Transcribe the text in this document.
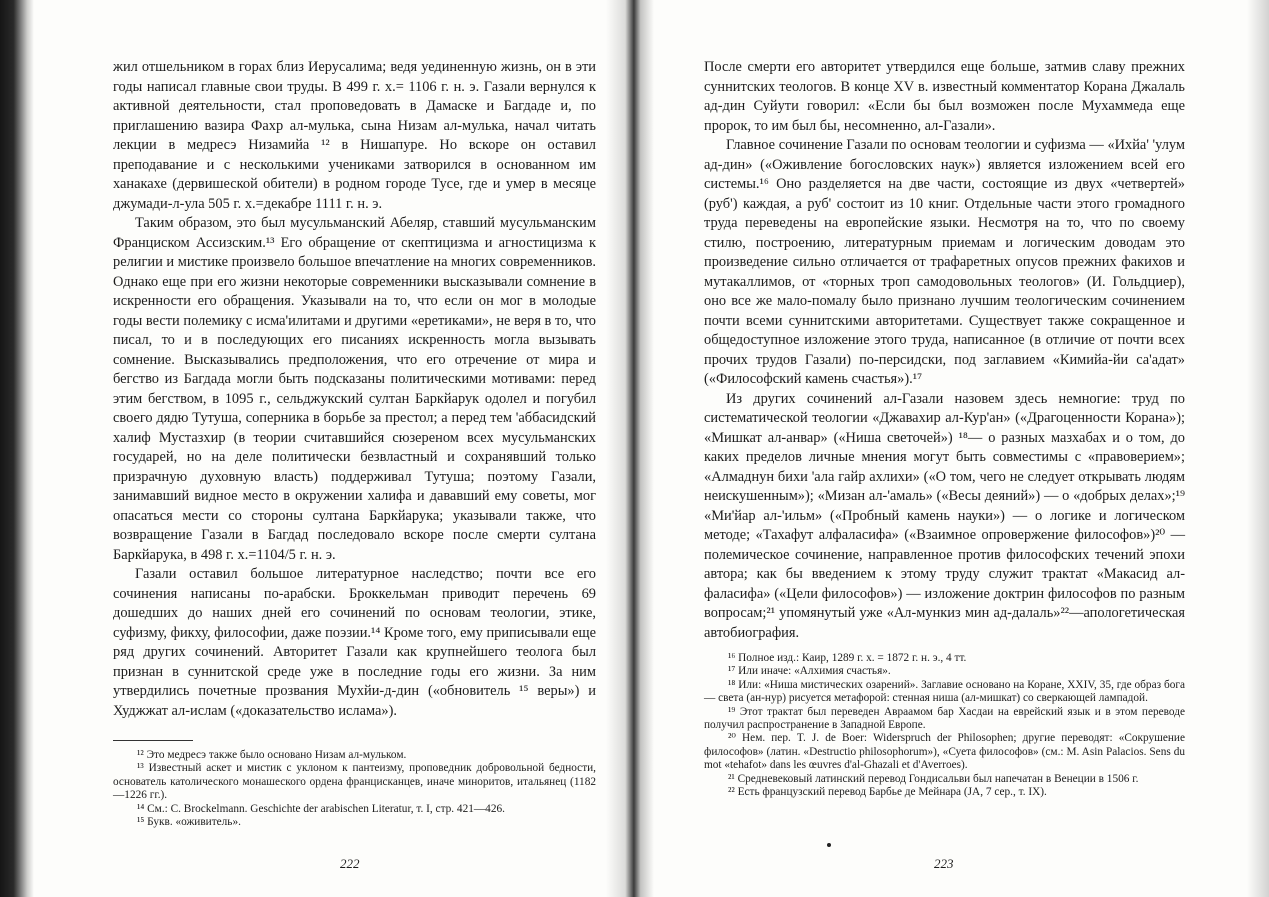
жил отшельником в горах близ Иерусалима; ведя уединенную жизнь, он в эти годы написал главные свои труды. В 499 г. х.= 1106 г. н. э. Газали вернулся к активной деятельности, стал проповедовать в Дамаске и Багдаде и, по приглашению вазира Фахр ал-мулька, сына Низам ал-мулька, начал читать лекции в медресэ Низамийа ¹² в Нишапуре. Но вскоре он оставил преподавание и с несколькими учениками затворился в основанном им ханакахе (дервишеской обители) в родном городе Тусе, где и умер в месяце джумади-л-ула 505 г. х.=декабре 1111 г. н. э.

Таким образом, это был мусульманский Абеляр, ставший мусульманским Франциском Ассизским.¹³ Его обращение от скептицизма и агностицизма к религии и мистике произвело большое впечатление на многих современников. Однако еще при его жизни некоторые современники высказывали сомнение в искренности его обращения. Указывали на то, что если он мог в молодые годы вести полемику с исма'илитами и другими «еретиками», не веря в то, что писал, то и в последующих его писаниях искренность могла вызывать сомнение. Высказывались предположения, что его отречение от мира и бегство из Багдада могли быть подсказаны политическими мотивами: перед этим бегством, в 1095 г., сельджукский султан Баркйарук одолел и погубил своего дядю Тутуша, соперника в борьбе за престол; а перед тем 'аббасидский халиф Мустазхир (в теории считавшийся сюзереном всех мусульманских государей, но на деле политически безвластный и сохранявший только призрачную духовную власть) поддерживал Тутуша; поэтому Газали, занимавший видное место в окружении халифа и дававший ему советы, мог опасаться мести со стороны султана Баркйарука; указывали также, что возвращение Газали в Багдад последовало вскоре после смерти султана Баркйарука, в 498 г. х.=1104/5 г. н. э.

Газали оставил большое литературное наследство; почти все его сочинения написаны по-арабски. Броккельман приводит перечень 69 дошедших до наших дней его сочинений по основам теологии, этике, суфизму, фикху, философии, даже поэзии.¹⁴ Кроме того, ему приписывали еще ряд других сочинений. Авторитет Газали как крупнейшего теолога был признан в суннитской среде уже в последние годы его жизни. За ним утвердились почетные прозвания Мухйи-д-дин («обновитель ¹⁵ веры») и Худжжат ал-ислам («доказательство ислама»).

¹² Это медресэ также было основано Низам ал-мульком.

¹³ Известный аскет и мистик с уклоном к пантеизму, проповедник добровольной бедности, основатель католического монашеского ордена францисканцев, иначе миноритов, итальянец (1182—1226 гг.).

¹⁴ См.: C. Brockelmann. Geschichte der arabischen Literatur, т. I, стр. 421—426.

¹⁵ Букв. «оживитель».

222

После смерти его авторитет утвердился еще больше, затмив славу прежних суннитских теологов. В конце XV в. известный комментатор Корана Джалаль ад-дин Суйути говорил: «Если бы был возможен после Мухаммеда еще пророк, то им был бы, несомненно, ал-Газали».

Главное сочинение Газали по основам теологии и суфизма — «Ихйа' 'улум ад-дин» («Оживление богословских наук») является изложением всей его системы.¹⁶ Оно разделяется на две части, состоящие из двух «четвертей» (руб') каждая, а руб' состоит из 10 книг. Отдельные части этого громадного труда переведены на европейские языки. Несмотря на то, что по своему стилю, построению, литературным приемам и логическим доводам это произведение сильно отличается от трафаретных опусов прежних факихов и мутакаллимов, от «торных троп самодовольных теологов» (И. Гольдциер), оно все же мало-помалу было признано лучшим теологическим сочинением почти всеми суннитскими авторитетами. Существует также сокращенное и общедоступное изложение этого труда, написанное (в отличие от почти всех прочих трудов Газали) по-персидски, под заглавием «Кимийа-йи са'адат» («Философский камень счастья»).¹⁷

Из других сочинений ал-Газали назовем здесь немногие: труд по систематической теологии «Джавахир ал-Кур'ан» («Драгоценности Корана»); «Мишкат ал-анвар» («Ниша светочей») ¹⁸— о разных мазхабах и о том, до каких пределов личные мнения могут быть совместимы с «правоверием»; «Алмаднун бихи 'ала гайр ахлихи» («О том, чего не следует открывать людям неискушенным»); «Мизан ал-'амаль» («Весы деяний») — о «добрых делах»;¹⁹ «Ми'йар ал-'ильм» («Пробный камень науки») — о логике и логическом методе; «Тахафут алфаласифа» («Взаимное опровержение философов»)²⁰ — полемическое сочинение, направленное против философских течений эпохи автора; как бы введением к этому труду служит трактат «Макасид ал-фаласифа» («Цели философов») — изложение доктрин философов по разным вопросам;²¹ упомянутый уже «Ал-мункиз мин ад-далаль»²²—апологетическая автобиография.

¹⁶ Полное изд.: Каир, 1289 г. х. = 1872 г. н. э., 4 тт.

¹⁷ Или иначе: «Алхимия счастья».

¹⁸ Или: «Ниша мистических озарений». Заглавие основано на Коране, XXIV, 35, где образ бога — света (ан-нур) рисуется метафорой: стенная ниша (ал-мишкат) со сверкающей лампадой.

¹⁹ Этот трактат был переведен Авраамом бар Хасдаи на еврейский язык и в этом переводе получил распространение в Западной Европе.

²⁰ Нем. пер. T. J. de Boer: Widerspruch der Philosophen; другие переводят: «Сокрушение философов» (латин. «Destructio philosophorum»), «Суета философов» (см.: M. Asin Palacios. Sens du mot «tehafot» dans les œuvres d'al-Ghazali et d'Averroes).

²¹ Средневековый латинский перевод Гондисальви был напечатан в Венеции в 1506 г.

²² Есть французский перевод Барбье де Мейнара (JA, 7 сер., т. IX).

223
